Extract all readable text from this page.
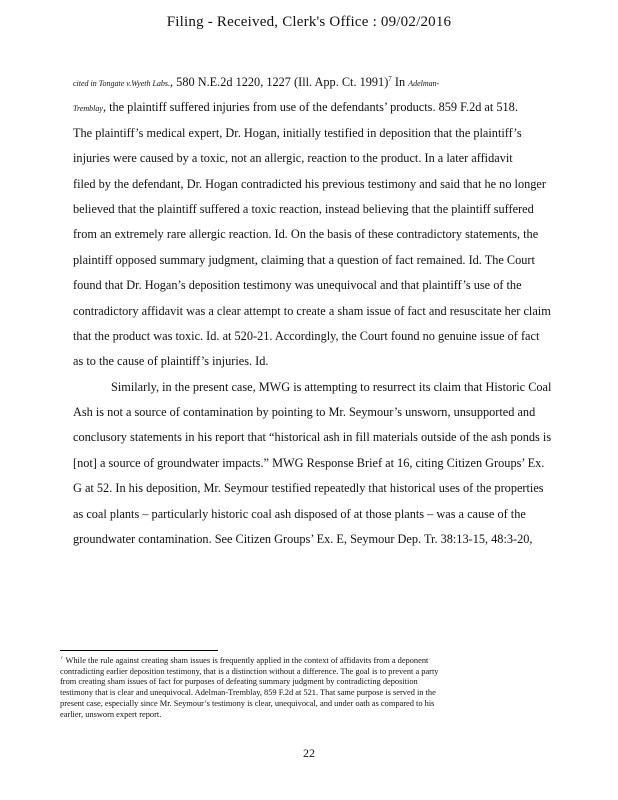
Filing - Received, Clerk's Office : 09/02/2016
cited in Tongate v.Wyeth Labs., 580 N.E.2d 1220, 1227 (Ill. App. Ct. 1991)$^7$ In Adelman-
Tremblay, the plaintiff suffered injuries from use of the defendants’ products. 859 F.2d at 518.
The plaintiff’s medical expert, Dr. Hogan, initially testified in deposition that the plaintiff’s
injuries were caused by a toxic, not an allergic, reaction to the product. In a later affidavit
filed by the defendant, Dr. Hogan contradicted his previous testimony and said that he no longer
believed that the plaintiff suffered a toxic reaction, instead believing that the plaintiff suffered
from an extremely rare allergic reaction. Id. On the basis of these contradictory statements, the
plaintiff opposed summary judgment, claiming that a question of fact remained. Id. The Court
found that Dr. Hogan’s deposition testimony was unequivocal and that plaintiff’s use of the
contradictory affidavit was a clear attempt to create a sham issue of fact and resuscitate her claim
that the product was toxic. Id. at 520-21. Accordingly, the Court found no genuine issue of fact
as to the cause of plaintiff’s injuries. Id.
Similarly, in the present case, MWG is attempting to resurrect its claim that Historic Coal
Ash is not a source of contamination by pointing to Mr. Seymour’s unsworn, unsupported and
conclusory statements in his report that “historical ash in fill materials outside of the ash ponds is
[not] a source of groundwater impacts.” MWG Response Brief at 16, citing Citizen Groups’ Ex.
G at 52. In his deposition, Mr. Seymour testified repeatedly that historical uses of the properties
as coal plants – particularly historic coal ash disposed of at those plants – was a cause of the
groundwater contamination. See Citizen Groups’ Ex. E, Seymour Dep. Tr. 38:13-15, 48:3-20,
$^7$ While the rule against creating sham issues is frequently applied in the context of affidavits from a deponent
contradicting earlier deposition testimony, that is a distinction without a difference. The goal is to prevent a party
from creating sham issues of fact for purposes of defeating summary judgment by contradicting deposition
testimony that is clear and unequivocal. Adelman-Tremblay, 859 F.2d at 521. That same purpose is served in the
present case, especially since Mr. Seymour’s testimony is clear, unequivocal, and under oath as compared to his
earlier, unsworn expert report.
22
